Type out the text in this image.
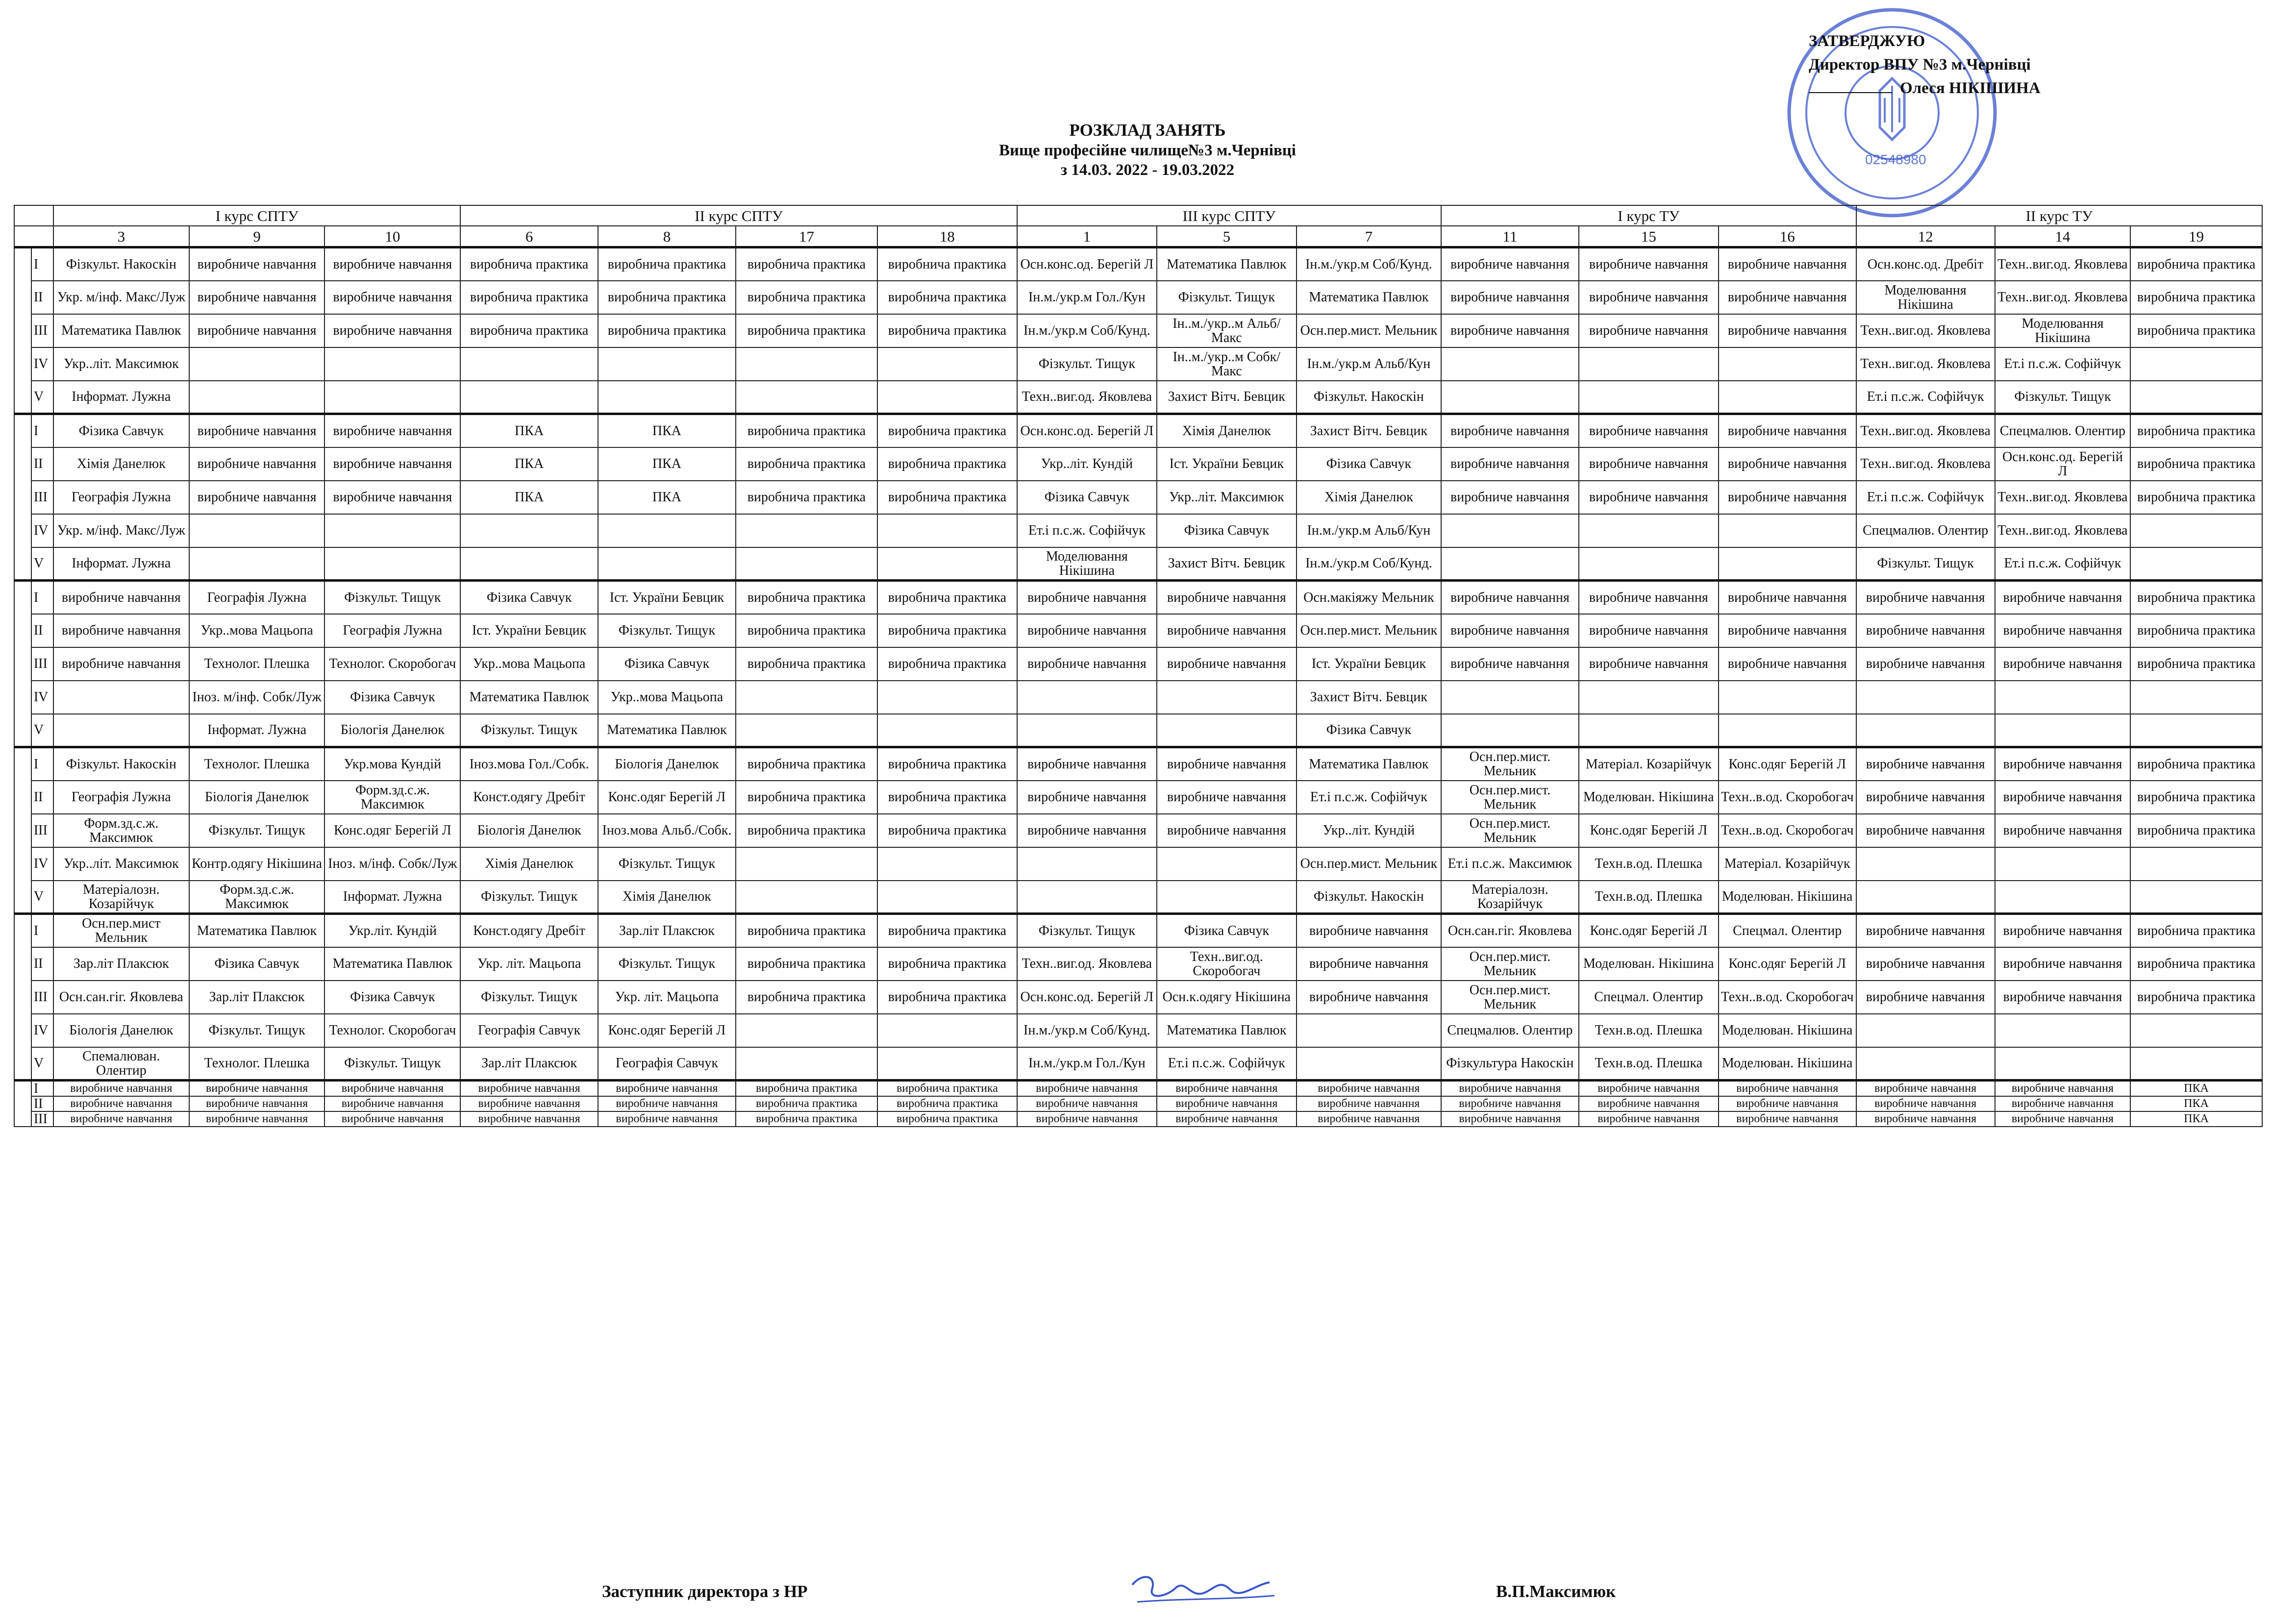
02548980
ЗАТВЕРДЖУЮ
Директор ВПУ №3 м.Чернівці
Олеся НІКІШИНА
РОЗКЛАД ЗАНЯТЬ
Вище професійне чилище№3 м.Чернівці
з 14.03. 2022 - 19.03.2022
		І курс СПТУ			ІІ курс СПТУ				ІІІ курс СПТУ			І курс ТУ			ІІ курс ТУ		
		3	9	10	6	8	17	18	1	5	7	11	15	16	12	14	19
	І	Фізкульт. Накоскін	виробниче навчання	виробниче навчання	виробнича практика	виробнича практика	виробнича практика	виробнича практика	Осн.конс.од. Берегій Л	Математика Павлюк	Ін.м./укр.м Соб/Кунд.	виробниче навчання	виробниче навчання	виробниче навчання	Осн.конс.од. Дребіт	Техн..виг.од. Яковлева	виробнича практика
	ІІ	Укр. м/інф. Макс/Луж	виробниче навчання	виробниче навчання	виробнича практика	виробнича практика	виробнича практика	виробнича практика	Ін.м./укр.м Гол./Кун	Фізкульт. Тищук	Математика Павлюк	виробниче навчання	виробниче навчання	виробниче навчання	Моделювання Нікішина	Техн..виг.од. Яковлева	виробнича практика
	ІІІ	Математика Павлюк	виробниче навчання	виробниче навчання	виробнича практика	виробнича практика	виробнича практика	виробнича практика	Ін.м./укр.м Соб/Кунд.	Ін..м./укр..м Альб/Макс	Осн.пер.мист. Мельник	виробниче навчання	виробниче навчання	виробниче навчання	Техн..виг.од. Яковлева	Моделювання Нікішина	виробнича практика
	ІV	Укр..літ. Максимюк							Фізкульт. Тищук	Ін..м./укр..м Собк/Макс	Ін.м./укр.м Альб/Кун				Техн..виг.од. Яковлева	Ет.і п.с.ж. Софійчук	
	V	Інформат. Лужна							Техн..виг.од. Яковлева	Захист Вітч. Бевцик	Фізкульт. Накоскін				Ет.і п.с.ж. Софійчук	Фізкульт. Тищук	
	І	Фізика Савчук	виробниче навчання	виробниче навчання	ПКА	ПКА	виробнича практика	виробнича практика	Осн.конс.од. Берегій Л	Хімія Данелюк	Захист Вітч. Бевцик	виробниче навчання	виробниче навчання	виробниче навчання	Техн..виг.од. Яковлева	Спецмалюв. Олентир	виробнича практика
	ІІ	Хімія Данелюк	виробниче навчання	виробниче навчання	ПКА	ПКА	виробнича практика	виробнича практика	Укр..літ. Кундій	Іст. України Бевцик	Фізика Савчук	виробниче навчання	виробниче навчання	виробниче навчання	Техн..виг.од. Яковлева	Осн.конс.од. Берегій Л	виробнича практика
	ІІІ	Географія Лужна	виробниче навчання	виробниче навчання	ПКА	ПКА	виробнича практика	виробнича практика	Фізика Савчук	Укр..літ. Максимюк	Хімія Данелюк	виробниче навчання	виробниче навчання	виробниче навчання	Ет.і п.с.ж. Софійчук	Техн..виг.од. Яковлева	виробнича практика
	ІV	Укр. м/інф. Макс/Луж							Ет.і п.с.ж. Софійчук	Фізика Савчук	Ін.м./укр.м Альб/Кун				Спецмалюв. Олентир	Техн..виг.од. Яковлева	
	V	Інформат. Лужна							Моделювання Нікішина	Захист Вітч. Бевцик	Ін.м./укр.м Соб/Кунд.				Фізкульт. Тищук	Ет.і п.с.ж. Софійчук	
Середа	І	виробниче навчання	Географія Лужна	Фізкульт. Тищук	Фізика Савчук	Іст. України Бевцик	виробнича практика	виробнича практика	виробниче навчання	виробниче навчання	Осн.макіяжу Мельник	виробниче навчання	виробниче навчання	виробниче навчання	виробниче навчання	виробниче навчання	виробнича практика
	ІІ	виробниче навчання	Укр..мова Мацьопа	Географія Лужна	Іст. України Бевцик	Фізкульт. Тищук	виробнича практика	виробнича практика	виробниче навчання	виробниче навчання	Осн.пер.мист. Мельник	виробниче навчання	виробниче навчання	виробниче навчання	виробниче навчання	виробниче навчання	виробнича практика
	ІІІ	виробниче навчання	Технолог. Плешка	Технолог. Скоробогач	Укр..мова Мацьопа	Фізика Савчук	виробнича практика	виробнича практика	виробниче навчання	виробниче навчання	Іст. України Бевцик	виробниче навчання	виробниче навчання	виробниче навчання	виробниче навчання	виробниче навчання	виробнича практика
	ІV		Іноз. м/інф. Собк/Луж	Фізика Савчук	Математика Павлюк	Укр..мова Мацьопа					Захист Вітч. Бевцик						
	V		Інформат. Лужна	Біологія Данелюк	Фізкульт. Тищук	Математика Павлюк					Фізика Савчук						
	І	Фізкульт. Накоскін	Технолог. Плешка	Укр.мова Кундій	Іноз.мова Гол./Собк.	Біологія Данелюк	виробнича практика	виробнича практика	виробниче навчання	виробниче навчання	Математика Павлюк	Осн.пер.мист. Мельник	Матеріал. Козарійчук	Конс.одяг Берегій Л	виробниче навчання	виробниче навчання	виробнича практика
	ІІ	Географія Лужна	Біологія Данелюк	Форм.зд.с.ж. Максимюк	Конст.одягу Дребіт	Конс.одяг Берегій Л	виробнича практика	виробнича практика	виробниче навчання	виробниче навчання	Ет.і п.с.ж. Софійчук	Осн.пер.мист. Мельник	Моделюван. Нікішина	Техн..в.од. Скоробогач	виробниче навчання	виробниче навчання	виробнича практика
	ІІІ	Форм.зд.с.ж. Максимюк	Фізкульт. Тищук	Конс.одяг Берегій Л	Біологія Данелюк	Іноз.мова Альб./Собк.	виробнича практика	виробнича практика	виробниче навчання	виробниче навчання	Укр..літ. Кундій	Осн.пер.мист. Мельник	Конс.одяг Берегій Л	Техн..в.од. Скоробогач	виробниче навчання	виробниче навчання	виробнича практика
	ІV	Укр..літ. Максимюк	Контр.одягу Нікішина	Іноз. м/інф. Собк/Луж	Хімія Данелюк	Фізкульт. Тищук					Осн.пер.мист. Мельник	Ет.і п.с.ж. Максимюк	Техн.в.од. Плешка	Матеріал. Козарійчук			
	V	Матеріалозн. Козарійчук	Форм.зд.с.ж. Максимюк	Інформат. Лужна	Фізкульт. Тищук	Хімія Данелюк					Фізкульт. Накоскін	Матеріалозн. Козарійчук	Техн.в.од. Плешка	Моделюван. Нікішина			
	І	Осн.пер.мист Мельник	Математика Павлюк	Укр.літ. Кундій	Конст.одягу Дребіт	Зар.літ Плаксюк	виробнича практика	виробнича практика	Фізкульт. Тищук	Фізика Савчук	виробниче навчання	Осн.сан.гіг. Яковлева	Конс.одяг Берегій Л	Спецмал. Олентир	виробниче навчання	виробниче навчання	виробнича практика
	ІІ	Зар.літ Плаксюк	Фізика Савчук	Математика Павлюк	Укр. літ. Мацьопа	Фізкульт. Тищук	виробнича практика	виробнича практика	Техн..виг.од. Яковлева	Техн..виг.од. Скоробогач	виробниче навчання	Осн.пер.мист. Мельник	Моделюван. Нікішина	Конс.одяг Берегій Л	виробниче навчання	виробниче навчання	виробнича практика
	ІІІ	Осн.сан.гіг. Яковлева	Зар.літ Плаксюк	Фізика Савчук	Фізкульт. Тищук	Укр. літ. Мацьопа	виробнича практика	виробнича практика	Осн.конс.од. Берегій Л	Осн.к.одягу Нікішина	виробниче навчання	Осн.пер.мист. Мельник	Спецмал. Олентир	Техн..в.од. Скоробогач	виробниче навчання	виробниче навчання	виробнича практика
	ІV	Біологія Данелюк	Фізкульт. Тищук	Технолог. Скоробогач	Географія Савчук	Конс.одяг Берегій Л			Ін.м./укр.м Соб/Кунд.	Математика Павлюк		Спецмалюв. Олентир	Техн.в.од. Плешка	Моделюван. Нікішина			
	V	Спемалюван. Олентир	Технолог. Плешка	Фізкульт. Тищук	Зар.літ Плаксюк	Географія Савчук			Ін.м./укр.м Гол./Кун	Ет.і п.с.ж. Софійчук		Фізкультура Накоскін	Техн.в.од. Плешка	Моделюван. Нікішина			
Субота	І	виробниче навчання	виробниче навчання	виробниче навчання	виробниче навчання	виробниче навчання	виробнича практика	виробнича практика	виробниче навчання	виробниче навчання	виробниче навчання	виробниче навчання	виробниче навчання	виробниче навчання	виробниче навчання	виробниче навчання	ПКА
	ІІ	виробниче навчання	виробниче навчання	виробниче навчання	виробниче навчання	виробниче навчання	виробнича практика	виробнича практика	виробниче навчання	виробниче навчання	виробниче навчання	виробниче навчання	виробниче навчання	виробниче навчання	виробниче навчання	виробниче навчання	ПКА
	ІІІ	виробниче навчання	виробниче навчання	виробниче навчання	виробниче навчання	виробниче навчання	виробнича практика	виробнича практика	виробниче навчання	виробниче навчання	виробниче навчання	виробниче навчання	виробниче навчання	виробниче навчання	виробниче навчання	виробниче навчання	ПКА
Заступник директора з НР	В.П.Максимюк
